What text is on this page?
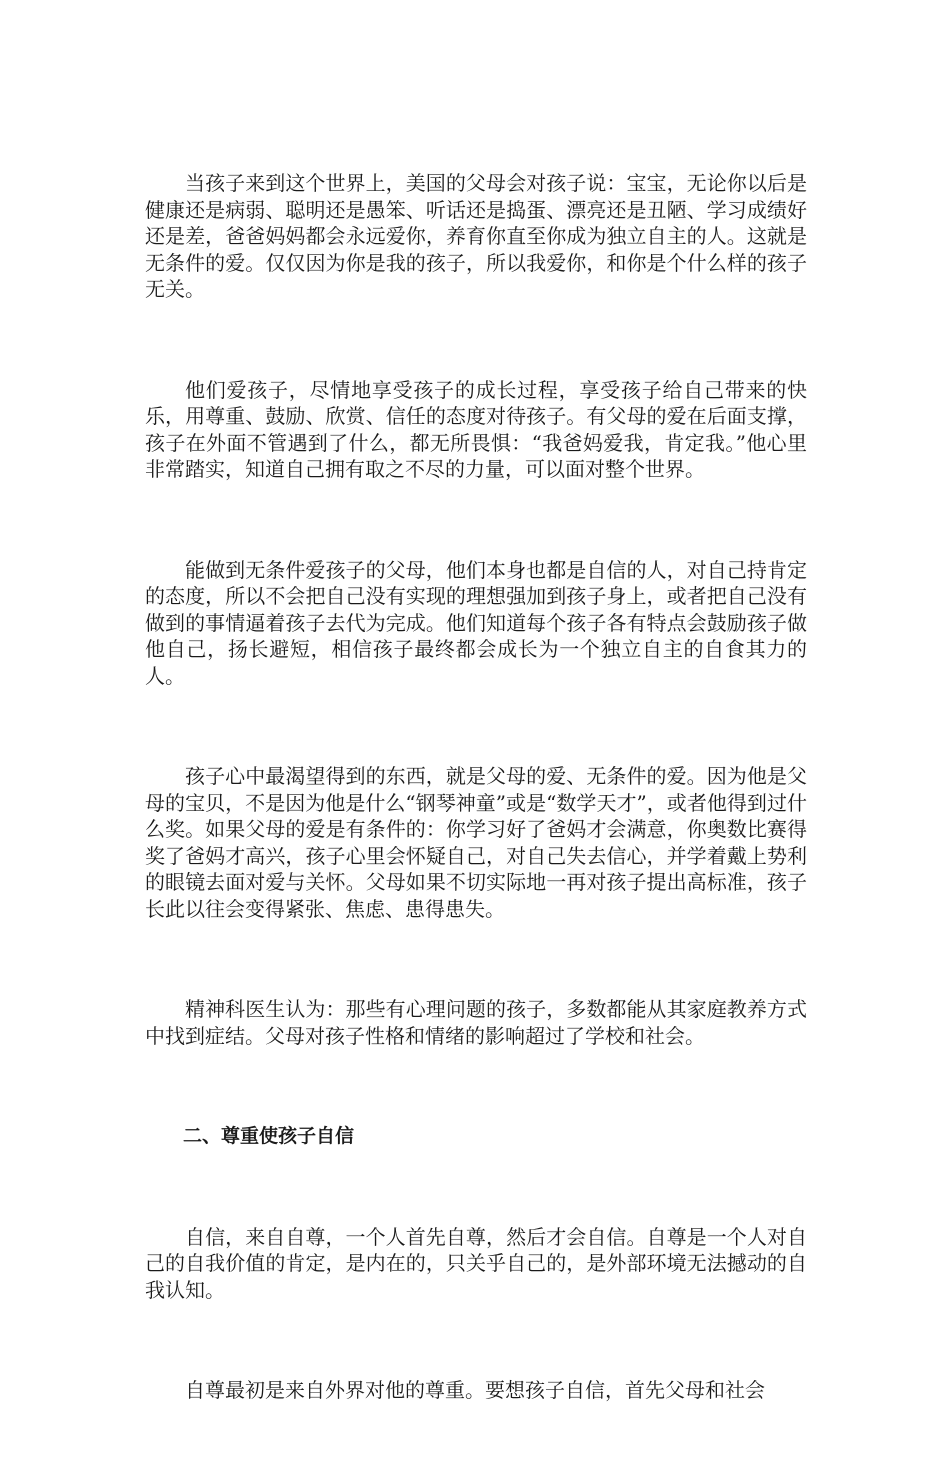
当孩子来到这个世界上，美国的父母会对孩子说：宝宝，无论你以后是健康还是病弱、聪明还是愚笨、听话还是捣蛋、漂亮还是丑陋、学习成绩好还是差，爸爸妈妈都会永远爱你，养育你直至你成为独立自主的人。这就是无条件的爱。仅仅因为你是我的孩子，所以我爱你，和你是个什么样的孩子无关。

他们爱孩子，尽情地享受孩子的成长过程，享受孩子给自己带来的快乐，用尊重、鼓励、欣赏、信任的态度对待孩子。有父母的爱在后面支撑，孩子在外面不管遇到了什么，都无所畏惧：“我爸妈爱我，肯定我。”他心里非常踏实，知道自己拥有取之不尽的力量，可以面对整个世界。

能做到无条件爱孩子的父母，他们本身也都是自信的人，对自己持肯定的态度，所以不会把自己没有实现的理想强加到孩子身上，或者把自己没有做到的事情逼着孩子去代为完成。他们知道每个孩子各有特点会鼓励孩子做他自己，扬长避短，相信孩子最终都会成长为一个独立自主的自食其力的人。

孩子心中最渴望得到的东西，就是父母的爱、无条件的爱。因为他是父母的宝贝，不是因为他是什么“钢琴神童”或是“数学天才”，或者他得到过什么奖。如果父母的爱是有条件的：你学习好了爸妈才会满意，你奥数比赛得奖了爸妈才高兴，孩子心里会怀疑自己，对自己失去信心，并学着戴上势利的眼镜去面对爱与关怀。父母如果不切实际地一再对孩子提出高标准，孩子长此以往会变得紧张、焦虑、患得患失。

精神科医生认为：那些有心理问题的孩子，多数都能从其家庭教养方式中找到症结。父母对孩子性格和情绪的影响超过了学校和社会。

二、尊重使孩子自信

自信，来自自尊，一个人首先自尊，然后才会自信。自尊是一个人对自己的自我价值的肯定，是内在的，只关乎自己的，是外部环境无法撼动的自我认知。

自尊最初是来自外界对他的尊重。要想孩子自信，首先父母和社会
